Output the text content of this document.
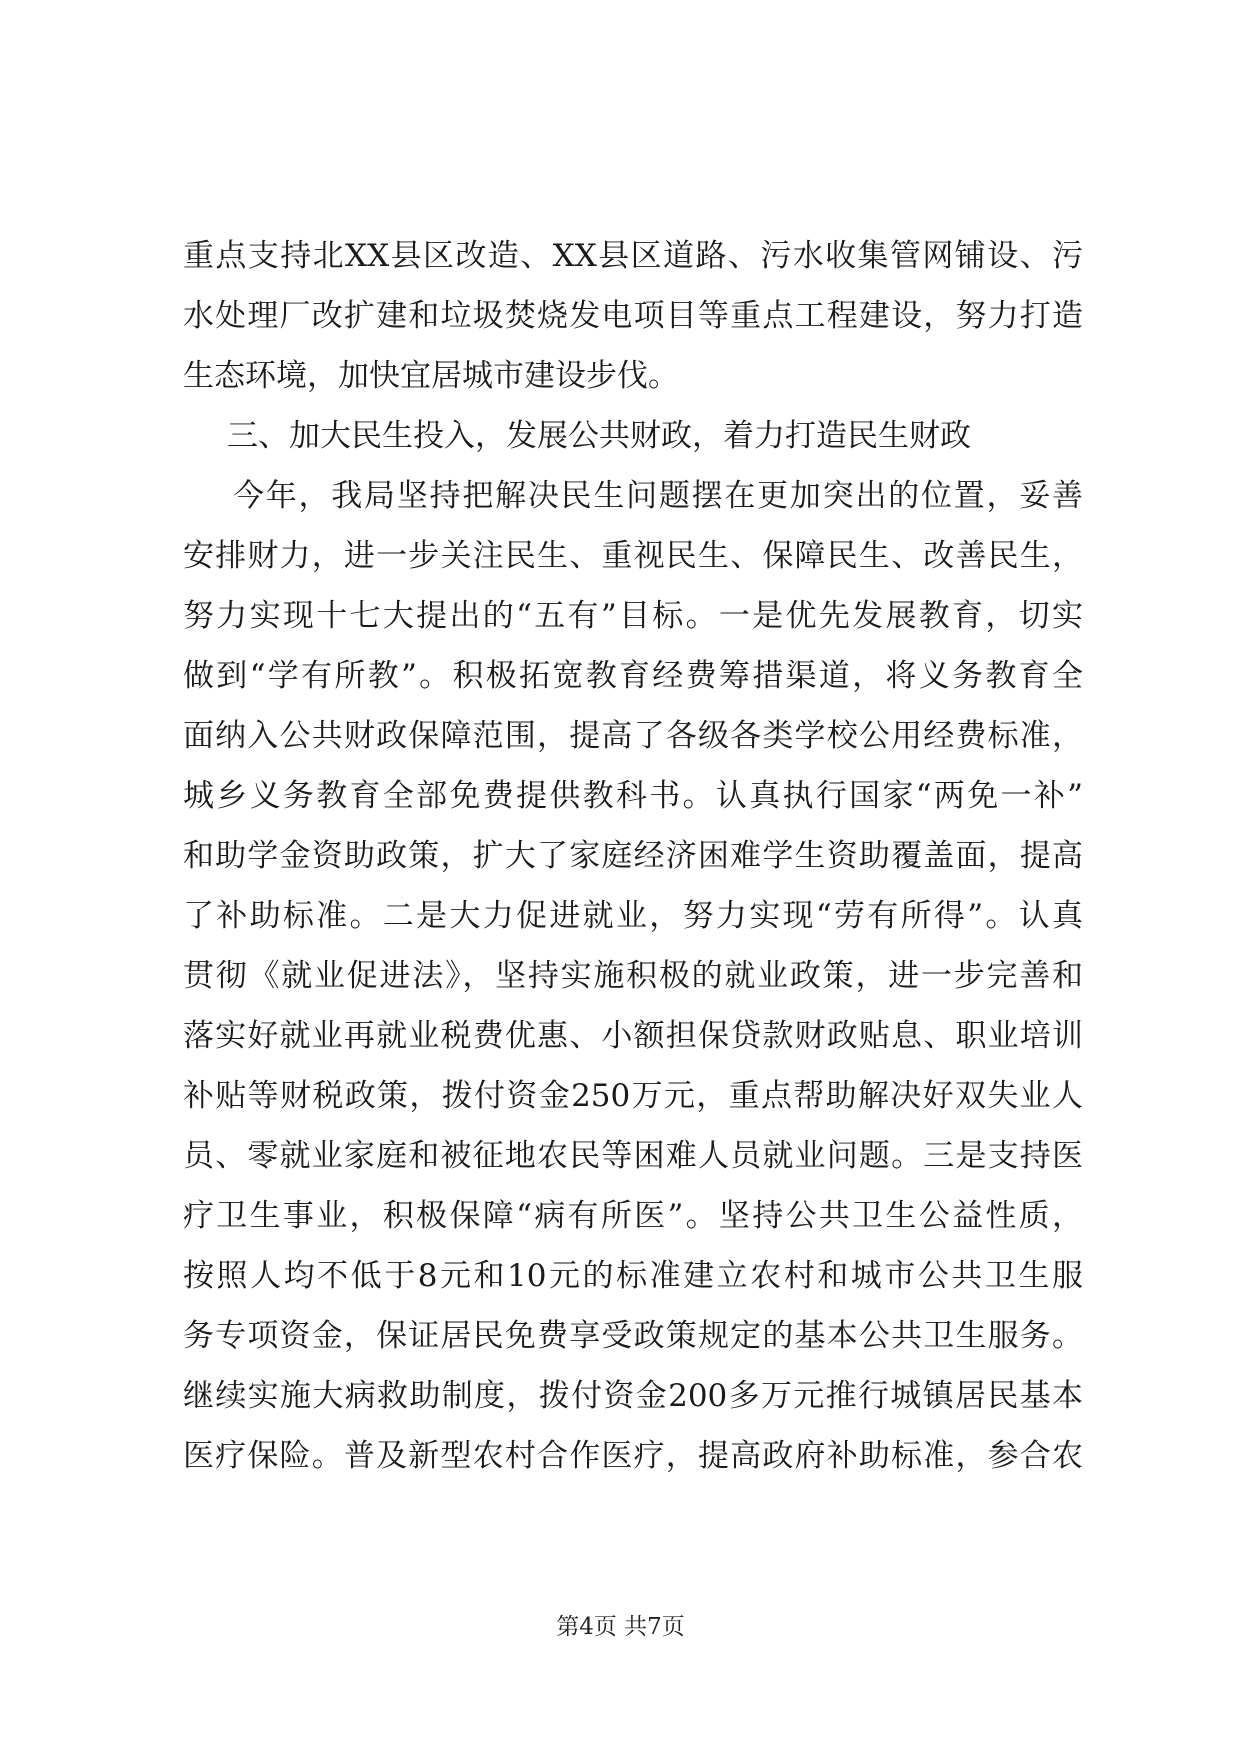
重点支持北XX县区改造、XX县区道路、污水收集管网铺设、污
水处理厂改扩建和垃圾焚烧发电项目等重点工程建设，努力打造
生态环境，加快宜居城市建设步伐。
三、加大民生投入，发展公共财政，着力打造民生财政
今年，我局坚持把解决民生问题摆在更加突出的位置，妥善
安排财力，进一步关注民生、重视民生、保障民生、改善民生，
努力实现十七大提出的“五有”目标。一是优先发展教育，切实
做到“学有所教”。积极拓宽教育经费筹措渠道，将义务教育全
面纳入公共财政保障范围，提高了各级各类学校公用经费标准，
城乡义务教育全部免费提供教科书。认真执行国家“两免一补”
和助学金资助政策，扩大了家庭经济困难学生资助覆盖面，提高
了补助标准。二是大力促进就业，努力实现“劳有所得”。认真
贯彻《就业促进法》，坚持实施积极的就业政策，进一步完善和
落实好就业再就业税费优惠、小额担保贷款财政贴息、职业培训
补贴等财税政策，拨付资金250万元，重点帮助解决好双失业人
员、零就业家庭和被征地农民等困难人员就业问题。三是支持医
疗卫生事业，积极保障“病有所医”。坚持公共卫生公益性质，
按照人均不低于8元和10元的标准建立农村和城市公共卫生服
务专项资金，保证居民免费享受政策规定的基本公共卫生服务。
继续实施大病救助制度，拨付资金200多万元推行城镇居民基本
医疗保险。普及新型农村合作医疗，提高政府补助标准，参合农
第4页 共7页
